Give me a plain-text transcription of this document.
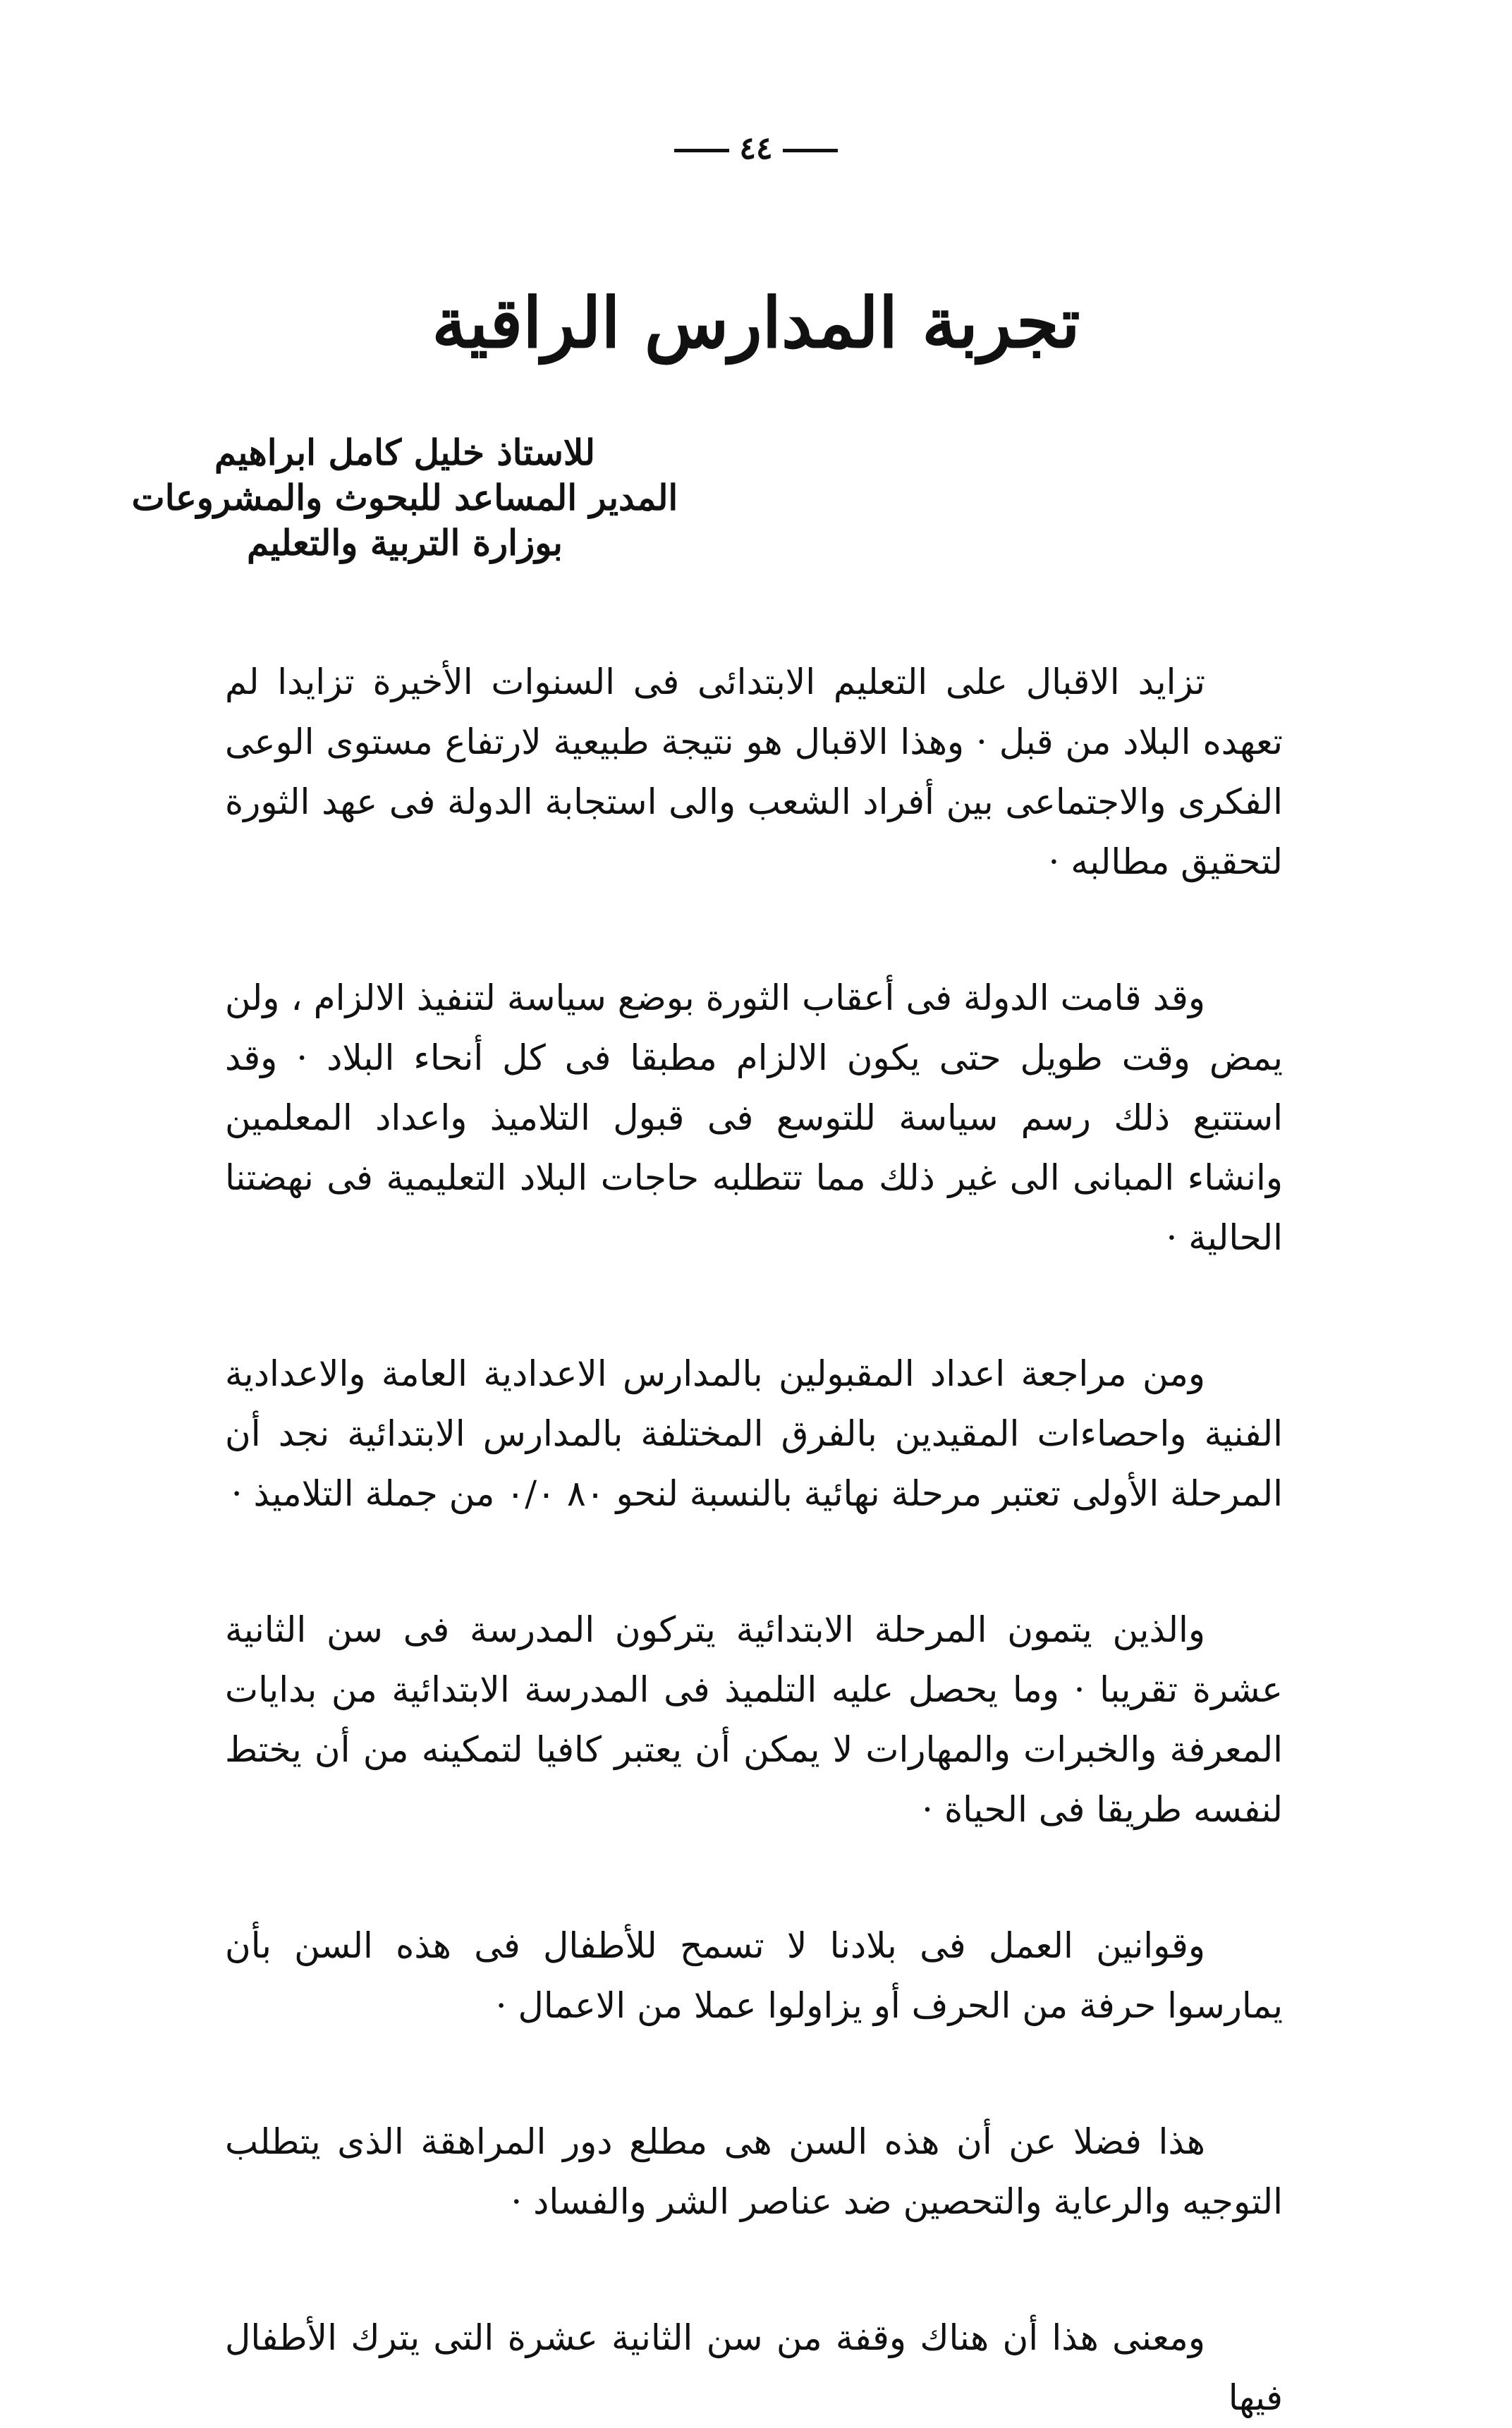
٤٤
تجربة المدارس الراقية
للاستاذ خليل كامل ابراهيم
المدير المساعد للبحوث والمشروعات
بوزارة التربية والتعليم

تزايد الاقبال على التعليم الابتدائى فى السنوات الأخيرة تزايدا لم تعهده البلاد من قبل · وهذا الاقبال هو نتيجة طبيعية لارتفاع مستوى الوعى الفكرى والاجتماعى بين أفراد الشعب والى استجابة الدولة فى عهد الثورة لتحقيق مطالبه ·

وقد قامت الدولة فى أعقاب الثورة بوضع سياسة لتنفيذ الالزام ، ولن يمض وقت طويل حتى يكون الالزام مطبقا فى كل أنحاء البلاد · وقد استتبع ذلك رسم سياسة للتوسع فى قبول التلاميذ واعداد المعلمين وانشاء المبانى الى غير ذلك مما تتطلبه حاجات البلاد التعليمية فى نهضتنا الحالية ·

ومن مراجعة اعداد المقبولين بالمدارس الاعدادية العامة والاعدادية الفنية واحصاءات المقيدين بالفرق المختلفة بالمدارس الابتدائية نجد أن المرحلة الأولى تعتبر مرحلة نهائية بالنسبة لنحو ٨٠ ٠/٠ من جملة التلاميذ ·

والذين يتمون المرحلة الابتدائية يتركون المدرسة فى سن الثانية عشرة تقريبا · وما يحصل عليه التلميذ فى المدرسة الابتدائية من بدايات المعرفة والخبرات والمهارات لا يمكن أن يعتبر كافيا لتمكينه من أن يختط لنفسه طريقا فى الحياة ·

وقوانين العمل فى بلادنا لا تسمح للأطفال فى هذه السن بأن يمارسوا حرفة من الحرف أو يزاولوا عملا من الاعمال ·

هذا فضلا عن أن هذه السن هى مطلع دور المراهقة الذى يتطلب التوجيه والرعاية والتحصين ضد عناصر الشر والفساد ·

ومعنى هذا أن هناك وقفة من سن الثانية عشرة التى يترك الأطفال فيها
